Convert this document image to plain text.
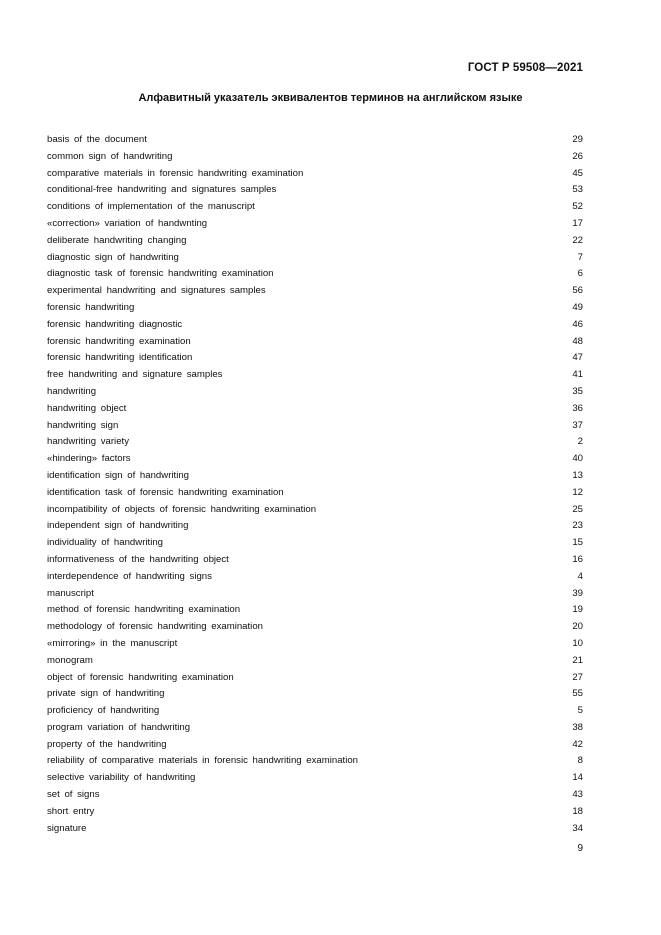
ГОСТ Р 59508—2021
Алфавитный указатель эквивалентов терминов на английском языке
basis of the document	29
common sign of handwriting	26
comparative materials in forensic handwriting examination	45
conditional-free handwriting and signatures samples	53
conditions of implementation of the manuscript	52
«correction» variation of handwnting	17
deliberate handwriting changing	22
diagnostic sign of handwriting	7
diagnostic task of forensic handwriting examination	6
experimental handwriting and signatures samples	56
forensic handwriting	49
forensic handwriting diagnostic	46
forensic handwriting examination	48
forensic handwriting identification	47
free handwriting and signature samples	41
handwriting	35
handwriting object	36
handwriting sign	37
handwriting variety	2
«hindering» factors	40
identification sign of handwriting	13
identification task of forensic handwriting examination	12
incompatibility of objects of forensic handwriting examination	25
independent sign of handwriting	23
individuality of handwriting	15
informativeness of the handwriting object	16
interdependence of handwriting signs	4
manuscript	39
method of forensic handwriting examination	19
methodology of forensic handwriting examination	20
«mirroring» in the manuscript	10
monogram	21
object of forensic handwriting examination	27
private sign of handwriting	55
proficiency of handwriting	5
program variation of handwriting	38
property of the handwriting	42
reliability of comparative materials in forensic handwriting examination	8
selective variability of handwriting	14
set of signs	43
short entry	18
signature	34
9
